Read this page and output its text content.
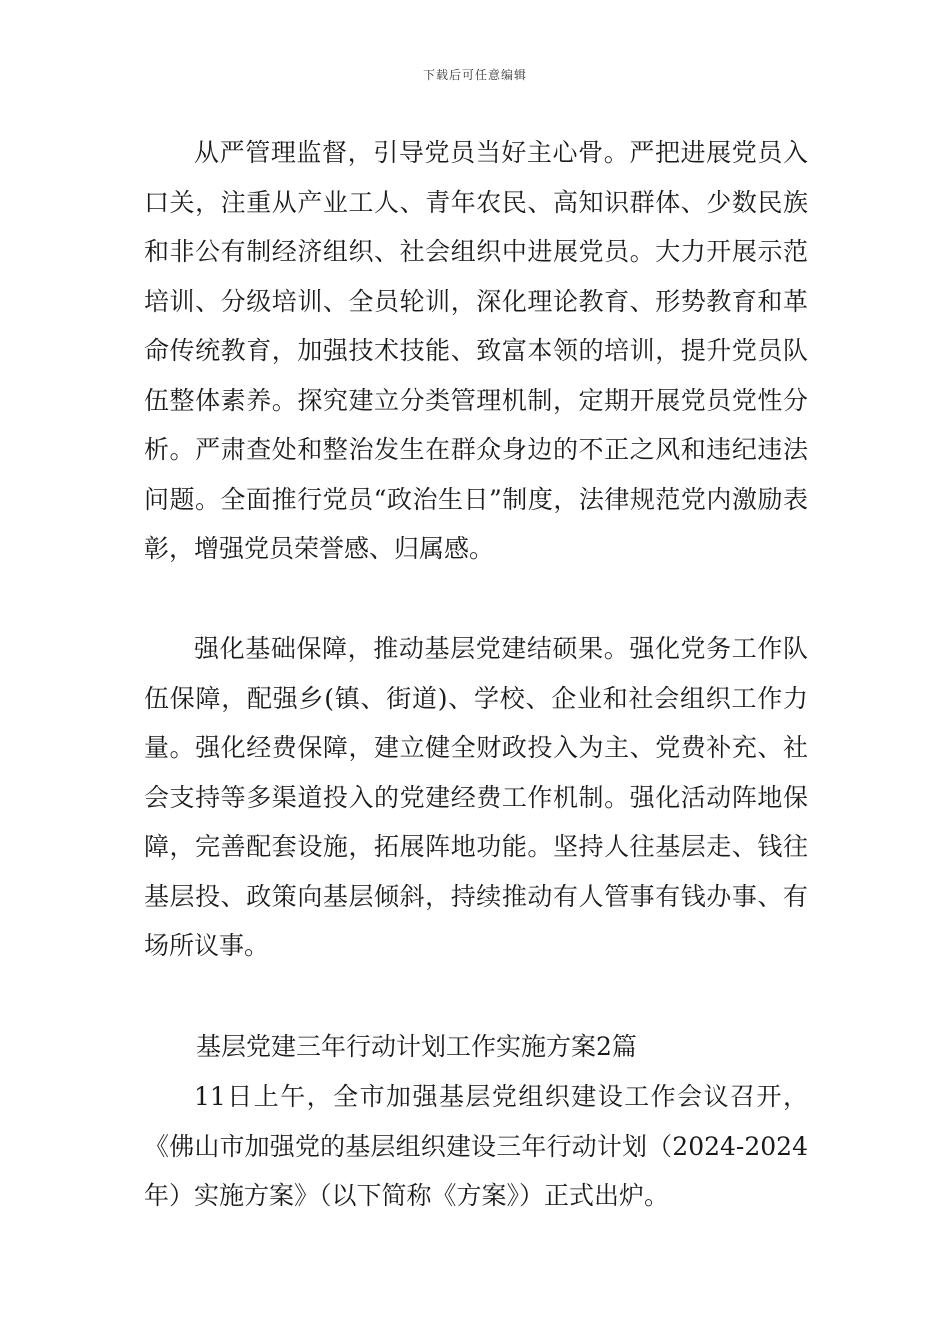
下载后可任意编辑

从严管理监督，引导党员当好主心骨。严把进展党员入口关，注重从产业工人、青年农民、高知识群体、少数民族和非公有制经济组织、社会组织中进展党员。大力开展示范培训、分级培训、全员轮训，深化理论教育、形势教育和革命传统教育，加强技术技能、致富本领的培训，提升党员队伍整体素养。探究建立分类管理机制，定期开展党员党性分析。严肃查处和整治发生在群众身边的不正之风和违纪违法问题。全面推行党员“政治生日”制度，法律规范党内激励表彰，增强党员荣誉感、归属感。

强化基础保障，推动基层党建结硕果。强化党务工作队伍保障，配强乡(镇、街道)、学校、企业和社会组织工作力量。强化经费保障，建立健全财政投入为主、党费补充、社会支持等多渠道投入的党建经费工作机制。强化活动阵地保障，完善配套设施，拓展阵地功能。坚持人往基层走、钱往基层投、政策向基层倾斜，持续推动有人管事有钱办事、有场所议事。

基层党建三年行动计划工作实施方案2篇

11日上午，全市加强基层党组织建设工作会议召开，《佛山市加强党的基层组织建设三年行动计划（2024-2024年）实施方案》（以下简称《方案》）正式出炉。
